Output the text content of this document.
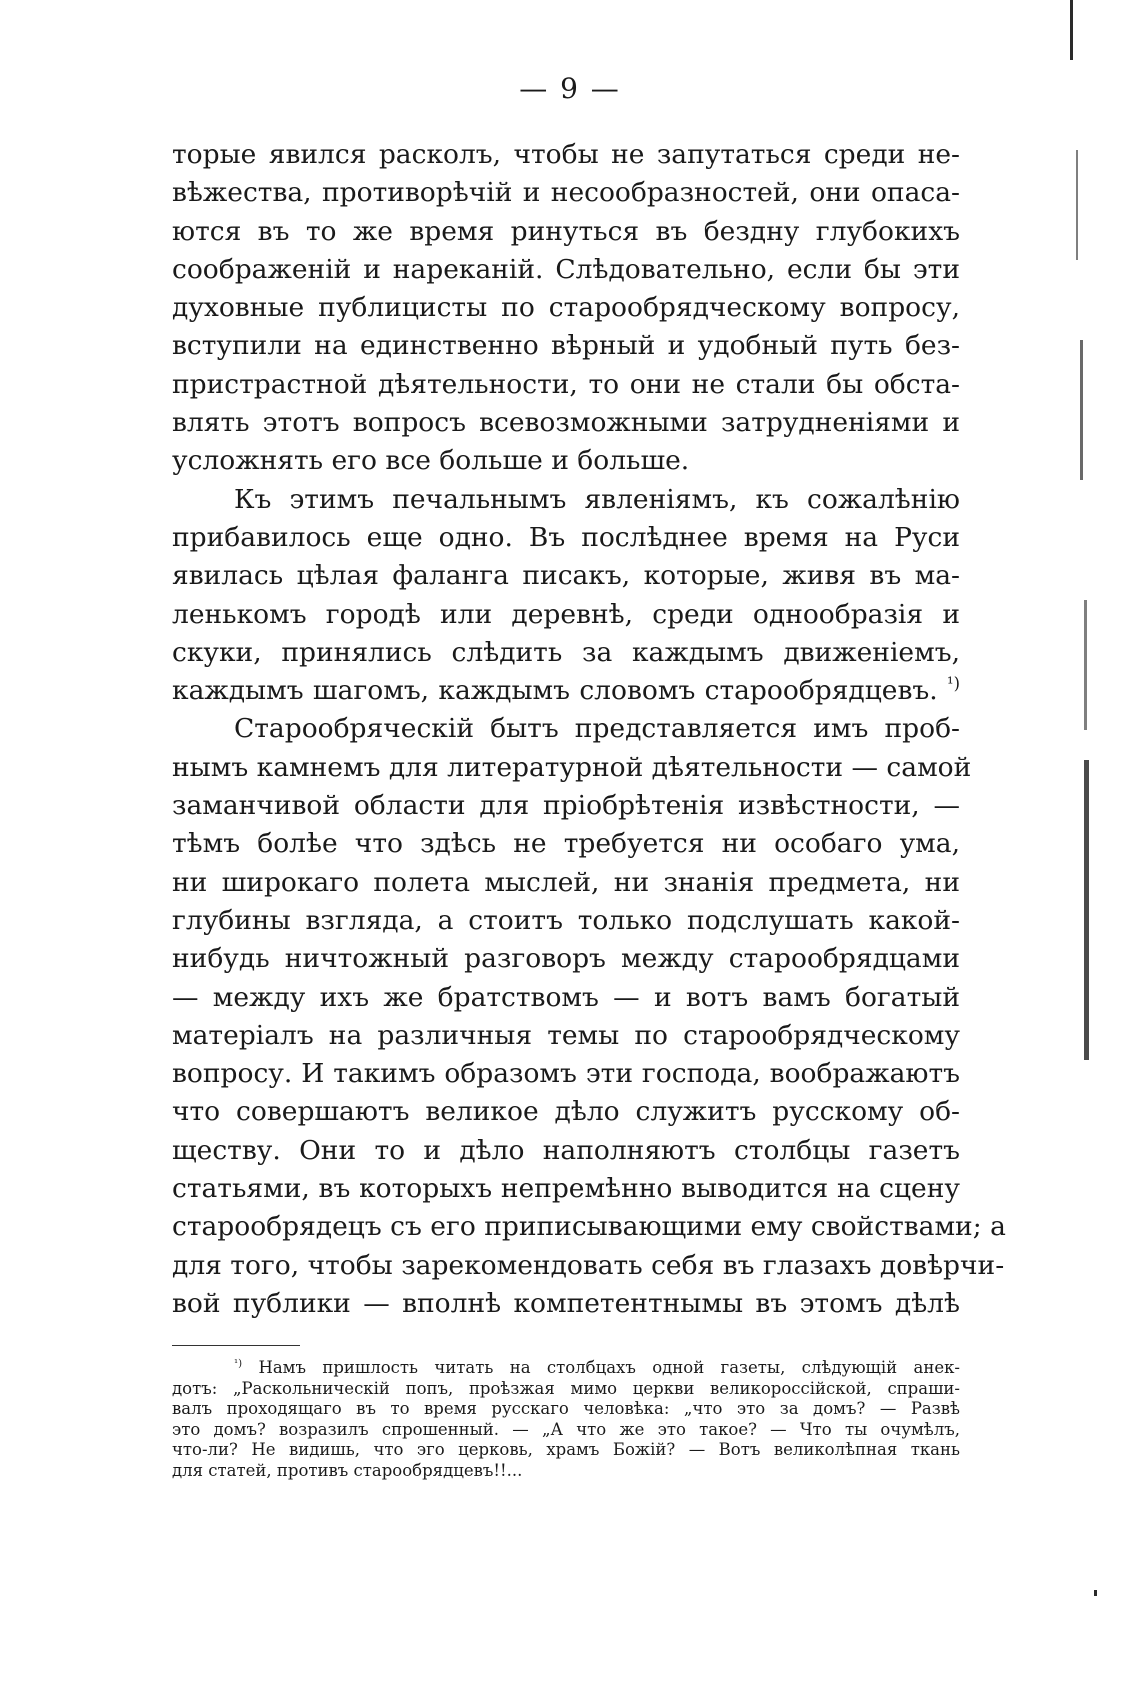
— 9 —
торые явился расколъ, чтобы не запутаться среди не-
вѣжества, противорѣчій и несообразностей, они опаса-
ются въ то же время ринуться въ бездну глубокихъ
соображеній и нареканій. Слѣдовательно, если бы эти
духовные публицисты по старообрядческому вопросу,
вступили на единственно вѣрный и удобный путь без-
пристрастной дѣятельности, то они не стали бы обста-
влять этотъ вопросъ всевозможными затрудненіями и
усложнять его все больше и больше.
Къ этимъ печальнымъ явленіямъ, къ сожалѣнію
прибавилось еще одно. Въ послѣднее время на Руси
явилась цѣлая фаланга писакъ, которые, живя въ ма-
ленькомъ городѣ или деревнѣ, среди однообразія и
скуки, принялись слѣдить за каждымъ движеніемъ,
каждымъ шагомъ, каждымъ словомъ старообрядцевъ. $^{^1)}$
Старообряческій бытъ представляется имъ проб-
нымъ камнемъ для литературной дѣятельности — самой
заманчивой области для пріобрѣтенія извѣстности, —
тѣмъ болѣе что здѣсь не требуется ни особаго ума,
ни широкаго полета мыслей, ни знанія предмета, ни
глубины взгляда, а стоитъ только подслушать какой-
нибудь ничтожный разговоръ между старообрядцами
— между ихъ же братствомъ — и вотъ вамъ богатый
матеріалъ на различныя темы по старообрядческому
вопросу. И такимъ образомъ эти господа, воображаютъ
что совершаютъ великое дѣло служитъ русскому об-
ществу. Они то и дѣло наполняютъ столбцы газетъ
статьями, въ которыхъ непремѣнно выводится на сцену
старообрядецъ съ его приписывающими ему свойствами; а
для того, чтобы зарекомендовать себя въ глазахъ довѣрчи-
вой публики — вполнѣ компетентнымы въ этомъ дѣлѣ
$^{^1)}$ Намъ пришлость читать на столбцахъ одной газеты, слѣдующій анек-
дотъ: „Раскольническій попъ, проѣзжая мимо церкви великороссійской, спраши-
валъ проходящаго въ то время русскаго человѣка: „что это за домъ? — Развѣ
это домъ? возразилъ спрошенный. — „А что же это такое? — Что ты очумѣлъ,
что-ли? Не видишь, что эго церковь, храмъ Божій? — Вотъ великолѣпная ткань
для статей, противъ старообрядцевъ!!...
